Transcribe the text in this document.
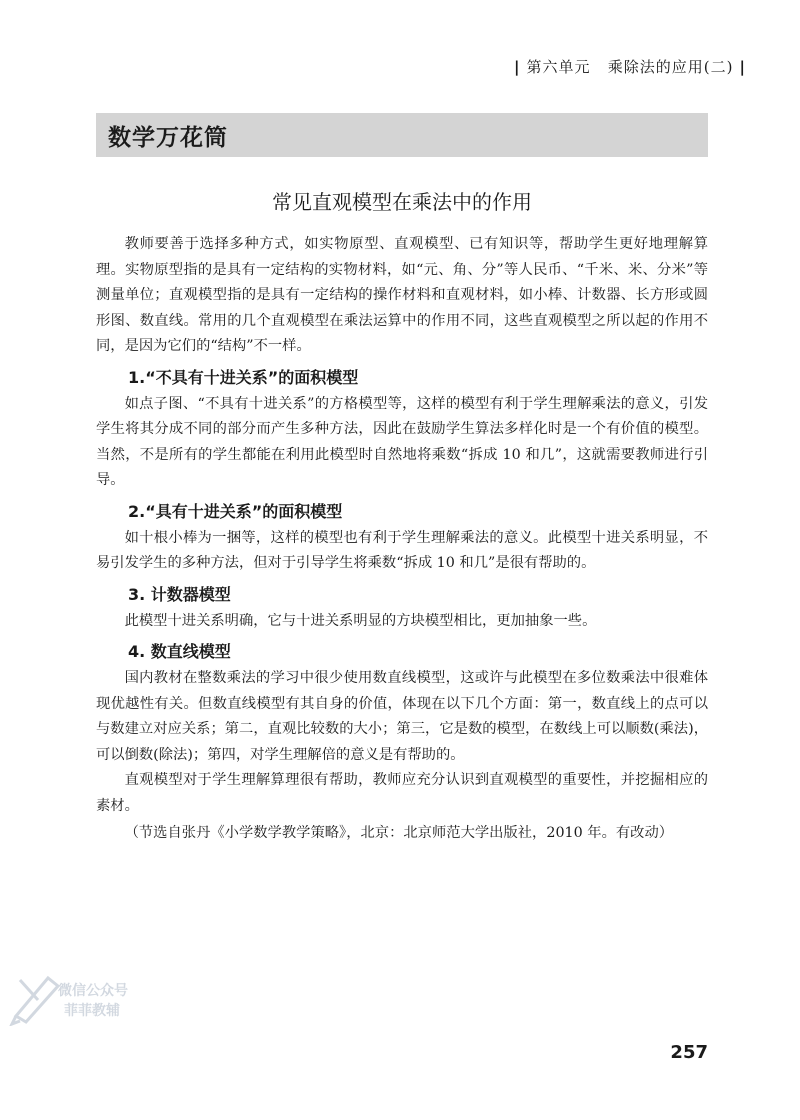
| 第六单元 乘除法的应用(二) |
数学万花筒
常见直观模型在乘法中的作用

教师要善于选择多种方式，如实物原型、直观模型、已有知识等，帮助学生更好地理解算理。实物原型指的是具有一定结构的实物材料，如“元、角、分”等人民币、“千米、米、分米”等测量单位；直观模型指的是具有一定结构的操作材料和直观材料，如小棒、计数器、长方形或圆形图、数直线。常用的几个直观模型在乘法运算中的作用不同，这些直观模型之所以起的作用不同，是因为它们的“结构”不一样。

1.“不具有十进关系”的面积模型

如点子图、“不具有十进关系”的方格模型等，这样的模型有利于学生理解乘法的意义，引发学生将其分成不同的部分而产生多种方法，因此在鼓励学生算法多样化时是一个有价值的模型。当然，不是所有的学生都能在利用此模型时自然地将乘数“拆成 10 和几”，这就需要教师进行引导。

2.“具有十进关系”的面积模型

如十根小棒为一捆等，这样的模型也有利于学生理解乘法的意义。此模型十进关系明显，不易引发学生的多种方法，但对于引导学生将乘数“拆成 10 和几”是很有帮助的。

3. 计数器模型

此模型十进关系明确，它与十进关系明显的方块模型相比，更加抽象一些。

4. 数直线模型

国内教材在整数乘法的学习中很少使用数直线模型，这或许与此模型在多位数乘法中很难体现优越性有关。但数直线模型有其自身的价值，体现在以下几个方面：第一，数直线上的点可以与数建立对应关系；第二，直观比较数的大小；第三，它是数的模型，在数线上可以顺数(乘法)，可以倒数(除法)；第四，对学生理解倍的意义是有帮助的。

直观模型对于学生理解算理很有帮助，教师应充分认识到直观模型的重要性，并挖掘相应的素材。

（节选自张丹《小学数学教学策略》，北京：北京师范大学出版社，2010 年。有改动）
微信公众号
菲菲教辅
257
